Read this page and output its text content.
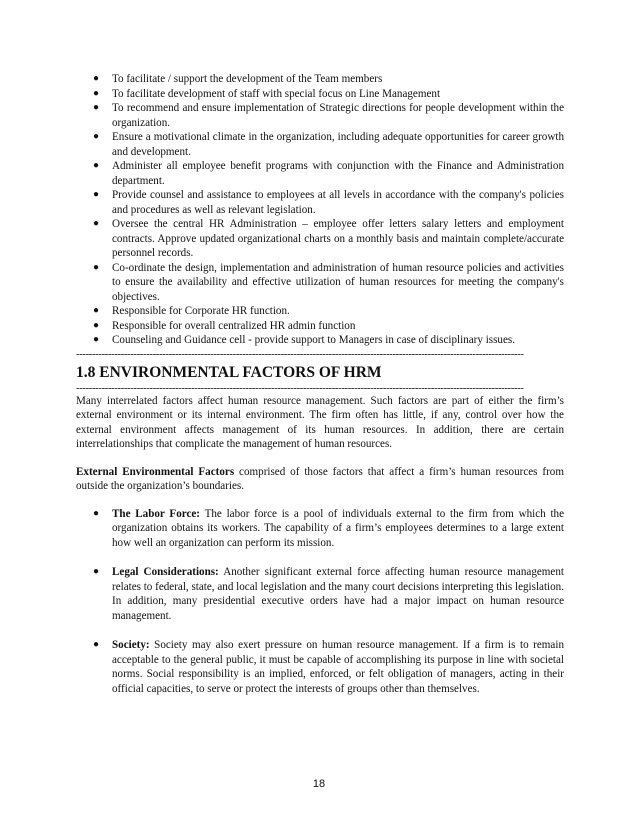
● To facilitate / support the development of the Team members
● To facilitate development of staff with special focus on Line Management
● To recommend and ensure implementation of Strategic directions for people development within the organization.
● Ensure a motivational climate in the organization, including adequate opportunities for career growth and development.
● Administer all employee benefit programs with conjunction with the Finance and Administration department.
● Provide counsel and assistance to employees at all levels in accordance with the company's policies and procedures as well as relevant legislation.
● Oversee the central HR Administration – employee offer letters salary letters and employment contracts. Approve updated organizational charts on a monthly basis and maintain complete/accurate personnel records.
● Co-ordinate the design, implementation and administration of human resource policies and activities to ensure the availability and effective utilization of human resources for meeting the company's objectives.
● Responsible for Corporate HR function.
● Responsible for overall centralized HR admin function
● Counseling and Guidance cell - provide support to Managers in case of disciplinary issues.
--------------------------------------------------------------------------------------------------------------------------------------------
1.8 ENVIRONMENTAL FACTORS OF HRM
--------------------------------------------------------------------------------------------------------------------------------------------

Many interrelated factors affect human resource management. Such factors are part of either the firm’s external environment or its internal environment. The firm often has little, if any, control over how the external environment affects management of its human resources. In addition, there are certain interrelationships that complicate the management of human resources.

External Environmental Factors comprised of those factors that affect a firm’s human resources from outside the organization’s boundaries.

● The Labor Force: The labor force is a pool of individuals external to the firm from which the organization obtains its workers. The capability of a firm’s employees determines to a large extent how well an organization can perform its mission.
● Legal Considerations: Another significant external force affecting human resource management relates to federal, state, and local legislation and the many court decisions interpreting this legislation. In addition, many presidential executive orders have had a major impact on human resource management.
● Society: Society may also exert pressure on human resource management. If a firm is to remain acceptable to the general public, it must be capable of accomplishing its purpose in line with societal norms. Social responsibility is an implied, enforced, or felt obligation of managers, acting in their official capacities, to serve or protect the interests of groups other than themselves.
18
